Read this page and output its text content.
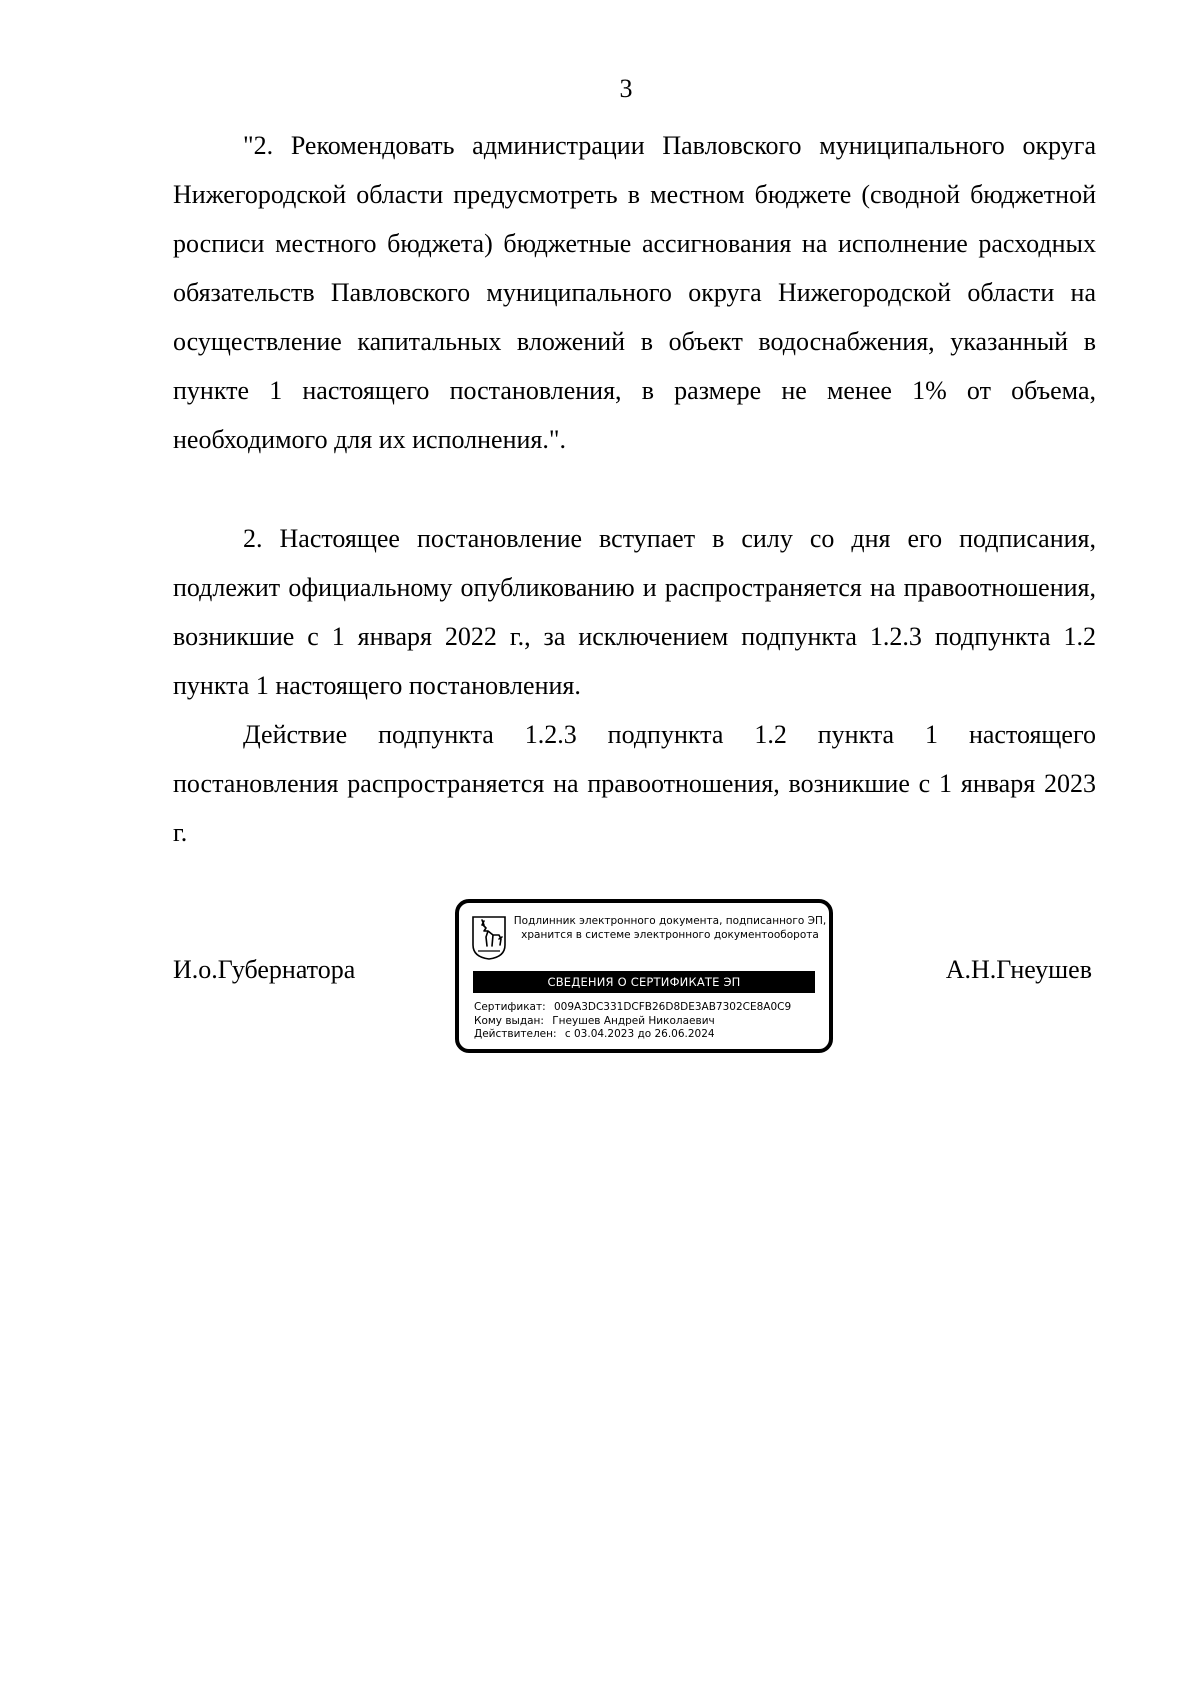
3

"2. Рекомендовать администрации Павловского муниципального округа Нижегородской области предусмотреть в местном бюджете (сводной бюджетной росписи местного бюджета) бюджетные ассигнования на исполнение расходных обязательств Павловского муниципального округа Нижегородской области на осуществление капитальных вложений в объект водоснабжения, указанный в пункте 1 настоящего постановления, в размере не менее 1% от объема, необходимого для их исполнения.".

2. Настоящее постановление вступает в силу со дня его подписания, подлежит официальному опубликованию и распространяется на правоотношения, возникшие с 1 января 2022 г., за исключением подпункта 1.2.3 подпункта 1.2 пункта 1 настоящего постановления.

Действие подпункта 1.2.3 подпункта 1.2 пункта 1 настоящего постановления распространяется на правоотношения, возникшие с 1 января 2023 г.

И.о.Губернатора
Подлинник электронного документа, подписанного ЭП,
хранится в системе электронного документооборота
СВЕДЕНИЯ О СЕРТИФИКАТЕ ЭП
Сертификат: 009A3DC331DCFB26D8DE3AB7302CE8A0C9
Кому выдан: Гнеушев Андрей Николаевич
Действителен: с 03.04.2023 до 26.06.2024
А.Н.Гнеушев
